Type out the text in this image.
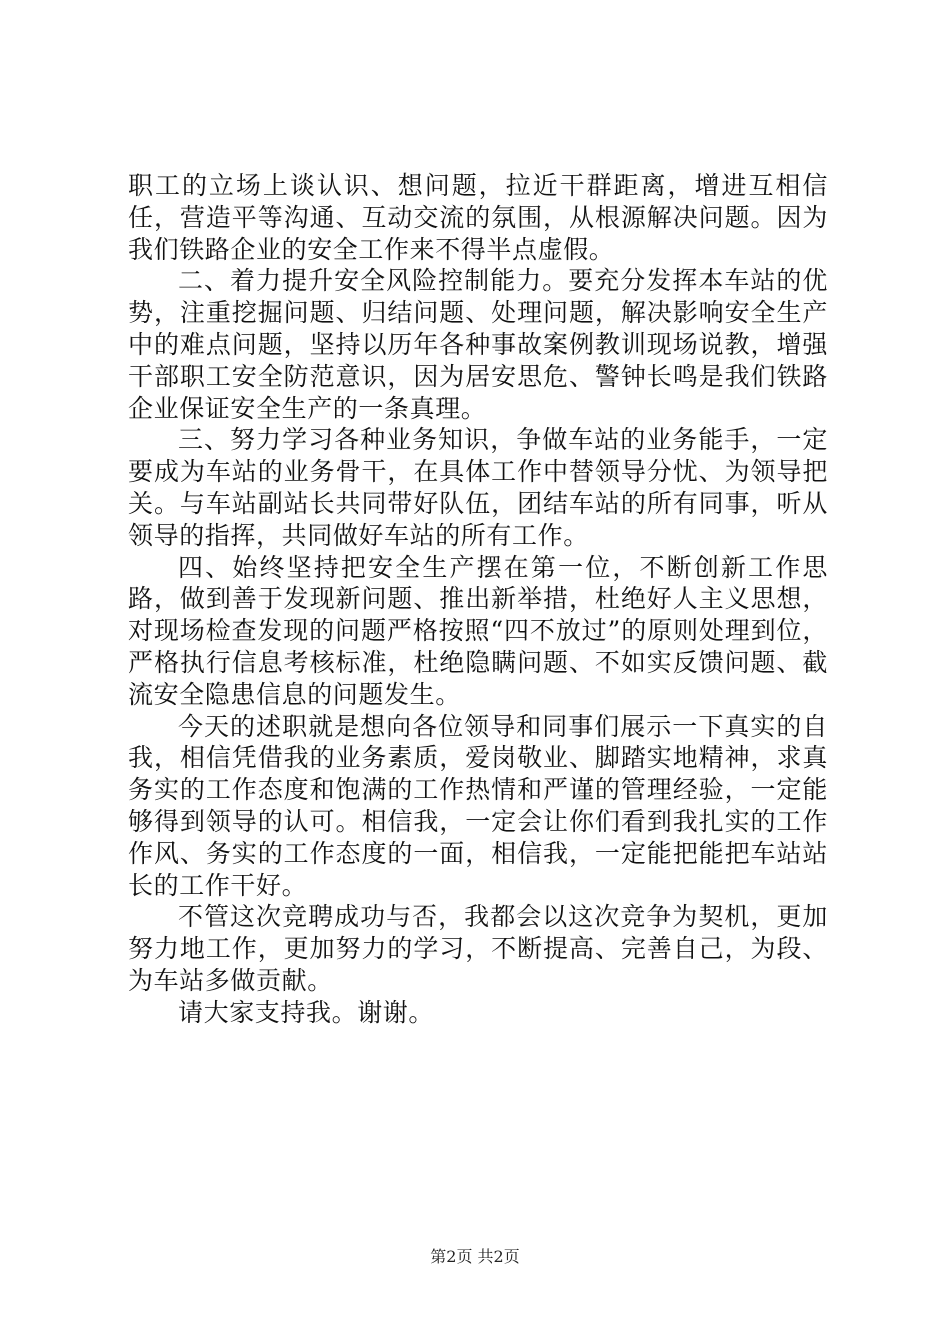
职工的立场上谈认识、想问题，拉近干群距离，增进互相信任，营造平等沟通、互动交流的氛围，从根源解决问题。因为我们铁路企业的安全工作来不得半点虚假。

二、着力提升安全风险控制能力。要充分发挥本车站的优势，注重挖掘问题、归结问题、处理问题，解决影响安全生产中的难点问题，坚持以历年各种事故案例教训现场说教，增强干部职工安全防范意识，因为居安思危、警钟长鸣是我们铁路企业保证安全生产的一条真理。

三、努力学习各种业务知识，争做车站的业务能手，一定要成为车站的业务骨干，在具体工作中替领导分忧、为领导把关。与车站副站长共同带好队伍，团结车站的所有同事，听从领导的指挥，共同做好车站的所有工作。

四、始终坚持把安全生产摆在第一位，不断创新工作思路，做到善于发现新问题、推出新举措，杜绝好人主义思想，对现场检查发现的问题严格按照“四不放过”的原则处理到位，严格执行信息考核标准，杜绝隐瞒问题、不如实反馈问题、截流安全隐患信息的问题发生。

今天的述职就是想向各位领导和同事们展示一下真实的自我，相信凭借我的业务素质，爱岗敬业、脚踏实地精神，求真务实的工作态度和饱满的工作热情和严谨的管理经验，一定能够得到领导的认可。相信我，一定会让你们看到我扎实的工作作风、务实的工作态度的一面，相信我，一定能把能把车站站长的工作干好。

不管这次竞聘成功与否，我都会以这次竞争为契机，更加努力地工作，更加努力的学习，不断提高、完善自己，为段、为车站多做贡献。

请大家支持我。谢谢。

第2页 共2页
